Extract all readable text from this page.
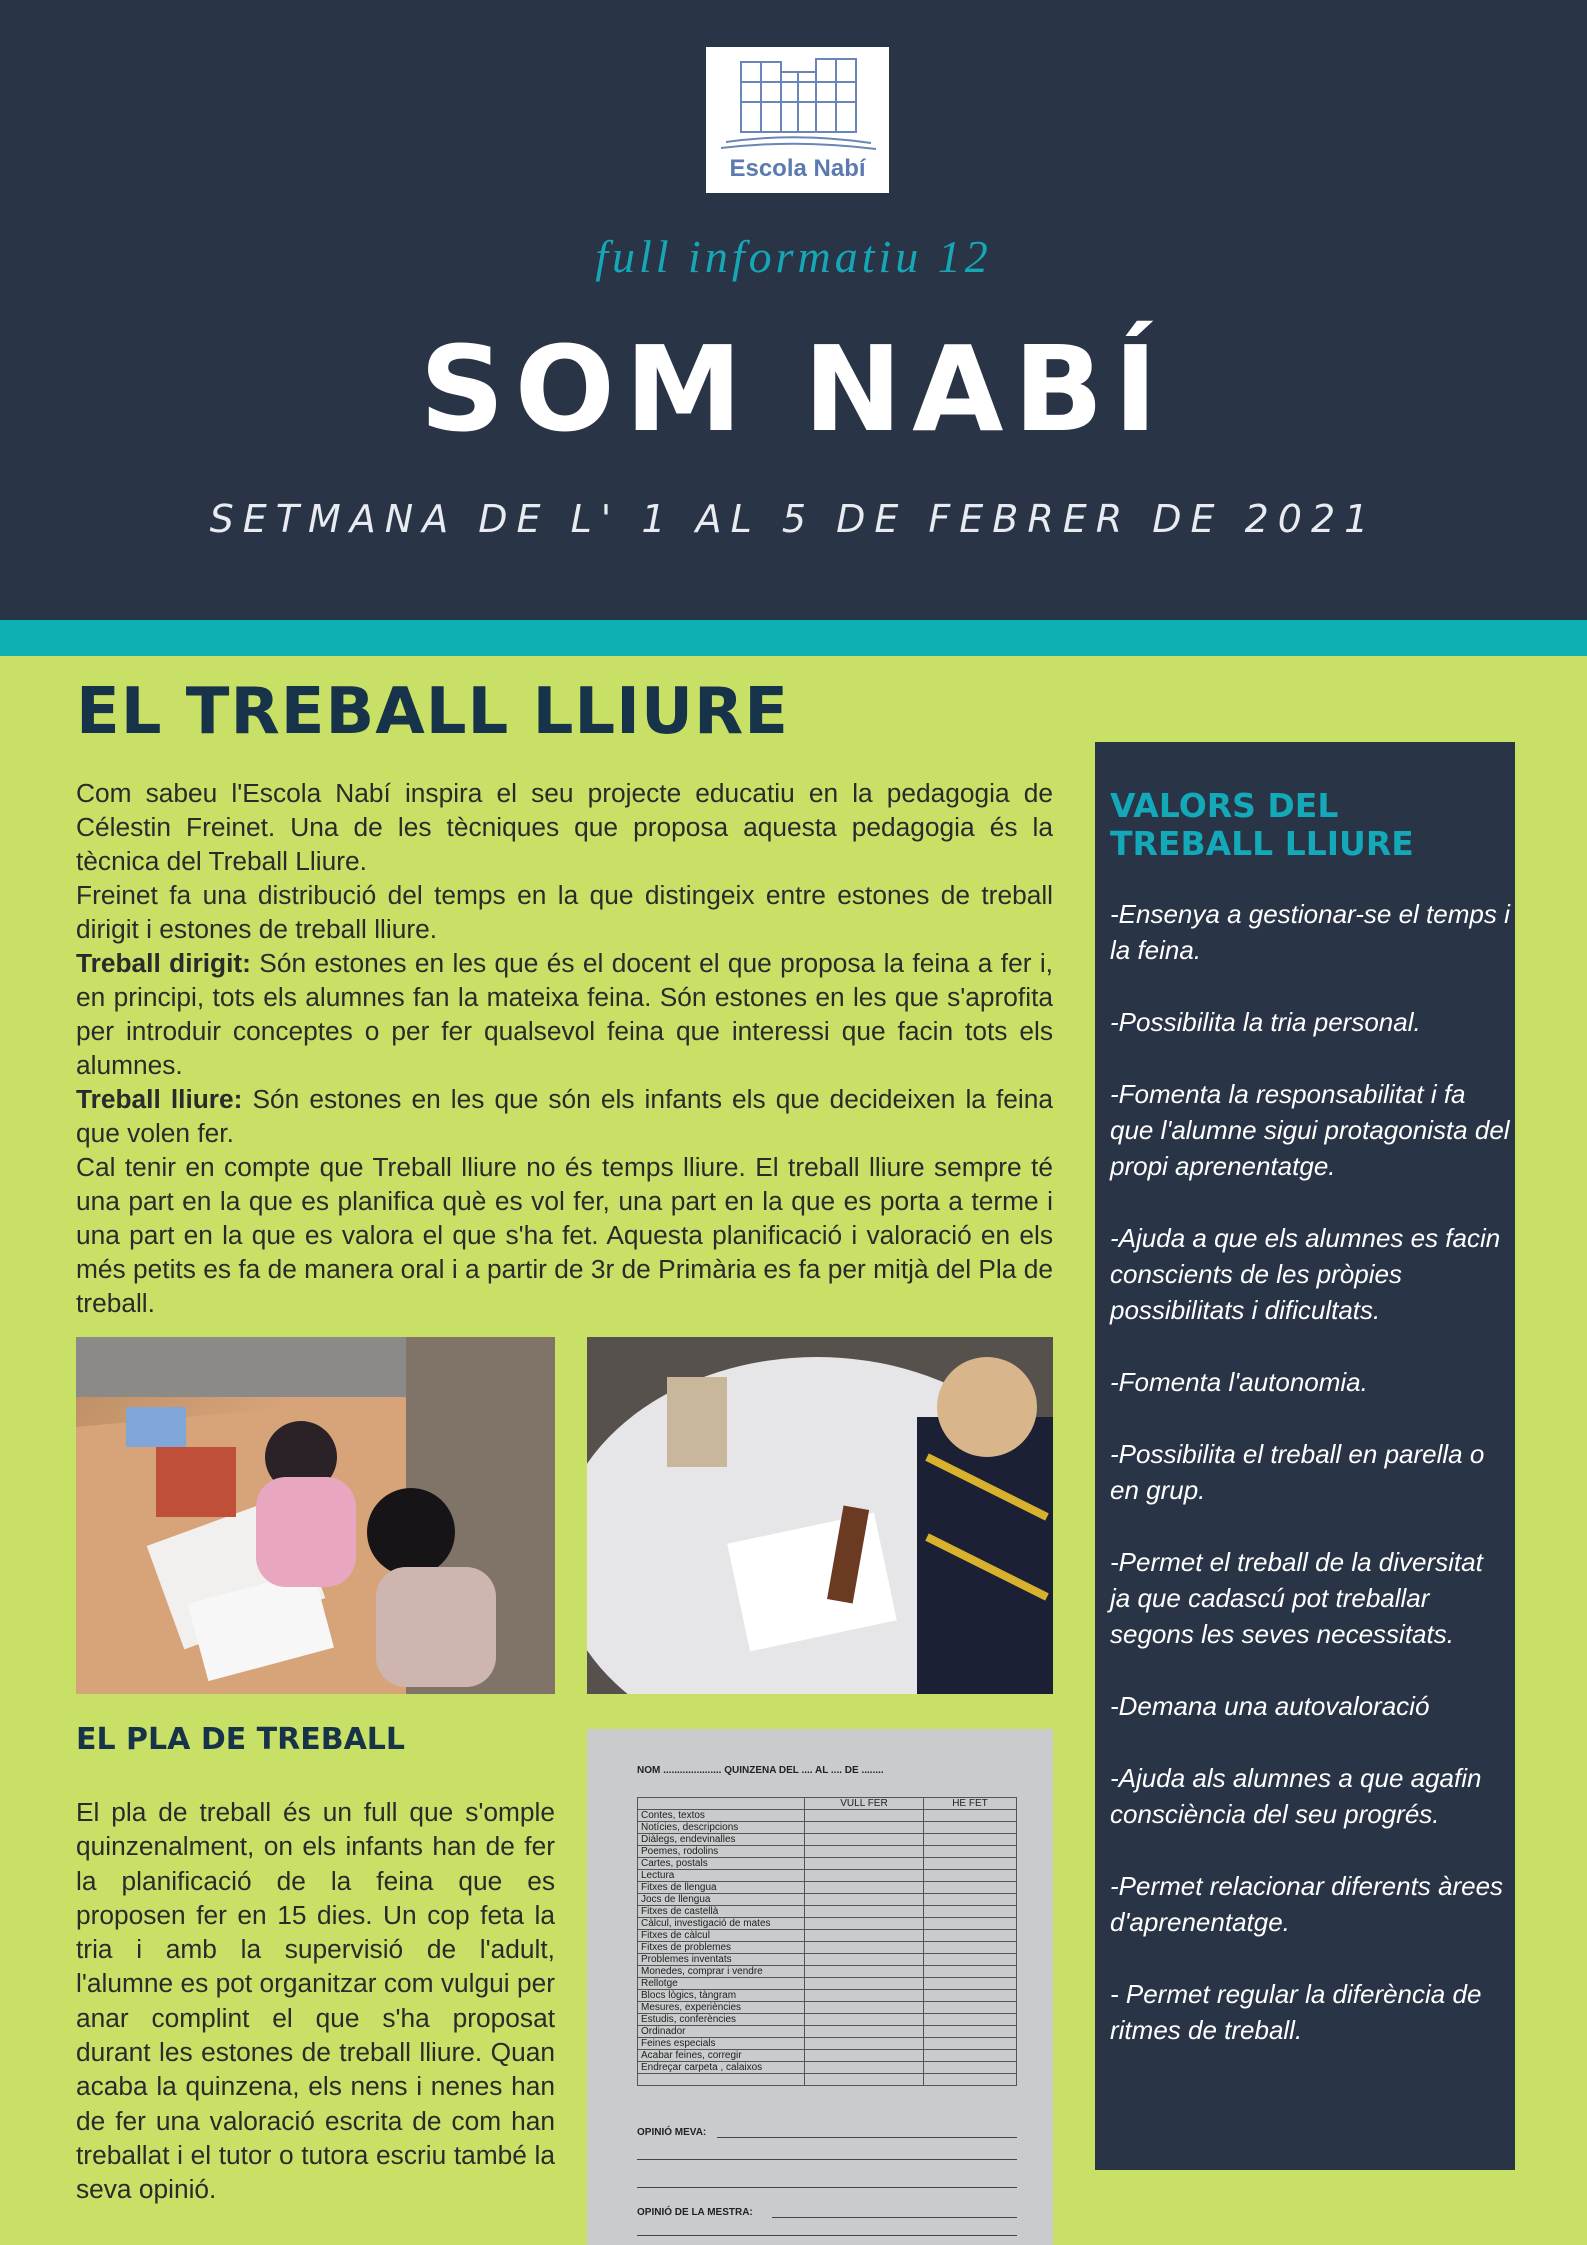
Escola Nabí
full informatiu 12
SOM NABÍ
SETMANA DE L' 1 AL 5 DE FEBRER DE 2021
EL TREBALL LLIURE

Com sabeu l'Escola Nabí inspira el seu projecte educatiu en la pedagogia de Célestin Freinet. Una de les tècniques que proposa aquesta pedagogia és la tècnica del Treball Lliure.

Freinet fa una distribució del temps en la que distingeix entre estones de treball dirigit i estones de treball lliure.

Treball dirigit: Són estones en les que és el docent el que proposa la feina a fer i, en principi, tots els alumnes fan la mateixa feina. Són estones en les que s'aprofita per introduir conceptes o per fer qualsevol feina que interessi que facin tots els alumnes.

Treball lliure: Són estones en les que són els infants els que decideixen la feina que volen fer.

Cal tenir en compte que Treball lliure no és temps lliure. El treball lliure sempre té una part en la que es planifica què es vol fer, una part en la que es porta a terme i una part en la que es valora el que s'ha fet. Aquesta planificació i valoració en els més petits es fa de manera oral i a partir de 3r de Primària es fa per mitjà del Pla de treball.

EL PLA DE TREBALL
El pla de treball és un full que s'omple quinzenalment, on els infants han de fer la planificació de la feina que es proposen fer en 15 dies. Un cop feta la tria i amb la supervisió de l'adult, l'alumne es pot organitzar com vulgui per anar complint el que s'ha proposat durant les estones de treball lliure. Quan acaba la quinzena, els nens i nenes han de fer una valoració escrita de com han treballat i el tutor o tutora escriu també la seva opinió.
NOM ..................... QUINZENA DEL .... AL .... DE ........
	VULL FER	HE FET
Contes, textos		
Notícies, descripcions		
Diàlegs, endevinalles		
Poemes, rodolins		
Cartes, postals		
Lectura		
Fitxes de llengua		
Jocs de llengua		
Fitxes de castellà		
Càlcul, investigació de mates		
Fitxes de càlcul		
Fitxes de problemes		
Problemes inventats		
Monedes, comprar i vendre		
Rellotge		
Blocs lògics, tàngram		
Mesures, experiències		
Estudis, conferències		
Ordinador		
Feines especials		
Acabar feines, corregir		
Endreçar carpeta , calaixos		

OPINIÓ MEVA:
OPINIÓ DE LA MESTRA:
VALORS DEL TREBALL LLIURE

-Ensenya a gestionar-se el temps i la feina.

-Possibilita la tria personal.

-Fomenta la responsabilitat i fa que l'alumne sigui protagonista del propi aprenentatge.

-Ajuda a que els alumnes es facin conscients de les pròpies possibilitats i dificultats.

-Fomenta l'autonomia.

-Possibilita el treball en parella o en grup.

-Permet el treball de la diversitat ja que cadascú pot treballar segons les seves necessitats.

-Demana una autovaloració

-Ajuda als alumnes a que agafin consciència del seu progrés.

-Permet relacionar diferents àrees d'aprenentatge.

- Permet regular la diferència de ritmes de treball.
